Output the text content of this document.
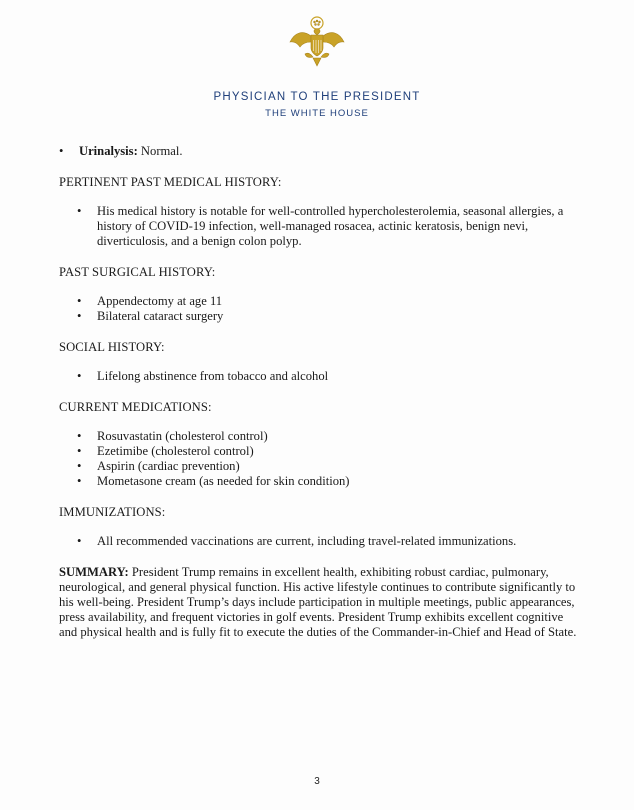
PHYSICIAN TO THE PRESIDENT
THE WHITE HOUSE
• Urinalysis: Normal.
PERTINENT PAST MEDICAL HISTORY:
• His medical history is notable for well-controlled hypercholesterolemia, seasonal allergies, a history of COVID-19 infection, well-managed rosacea, actinic keratosis, benign nevi, diverticulosis, and a benign colon polyp.
PAST SURGICAL HISTORY:
• Appendectomy at age 11
• Bilateral cataract surgery
SOCIAL HISTORY:
• Lifelong abstinence from tobacco and alcohol
CURRENT MEDICATIONS:
• Rosuvastatin (cholesterol control)
• Ezetimibe (cholesterol control)
• Aspirin (cardiac prevention)
• Mometasone cream (as needed for skin condition)
IMMUNIZATIONS:
• All recommended vaccinations are current, including travel-related immunizations.
SUMMARY: President Trump remains in excellent health, exhibiting robust cardiac, pulmonary, neurological, and general physical function. His active lifestyle continues to contribute significantly to his well-being. President Trump’s days include participation in multiple meetings, public appearances, press availability, and frequent victories in golf events. President Trump exhibits excellent cognitive and physical health and is fully fit to execute the duties of the Commander-in-Chief and Head of State.
3
